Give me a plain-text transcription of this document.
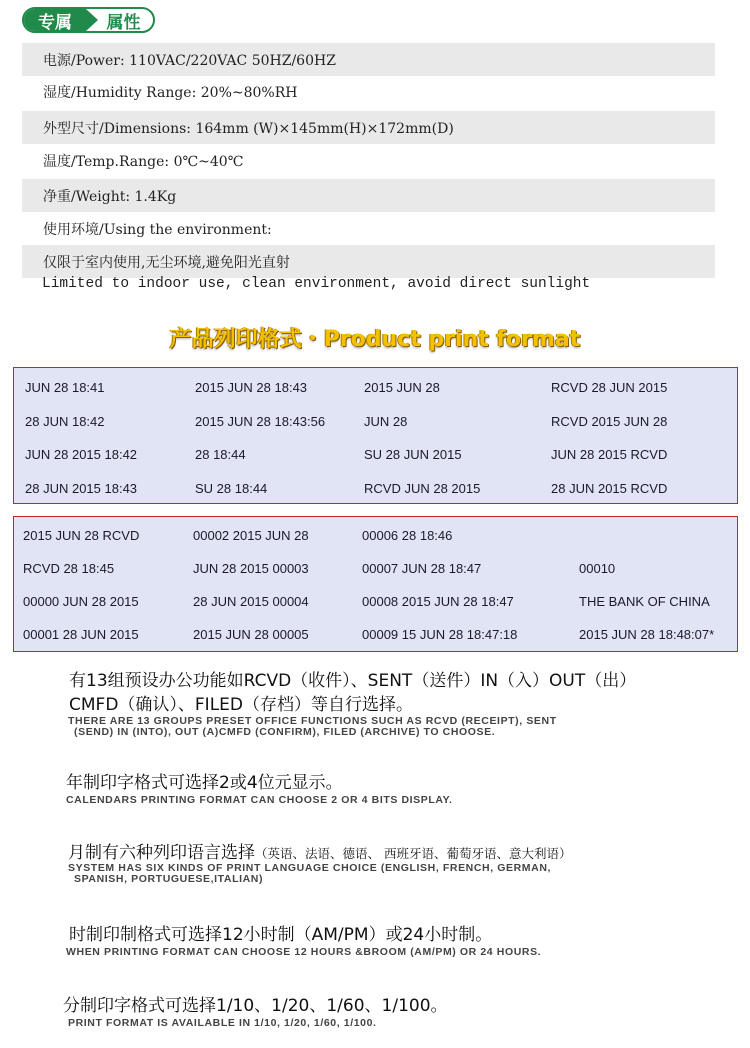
专属	属性
电源/Power: 110VAC/220VAC 50HZ/60HZ
湿度/Humidity Range: 20%~80%RH
外型尺寸/Dimensions: 164mm (W)×145mm(H)×172mm(D)
温度/Temp.Range: 0℃~40℃
净重/Weight: 1.4Kg
使用环境/Using the environment:
仅限于室内使用,无尘环境,避免阳光直射
Limited to indoor use, clean environment, avoid direct sunlight
产品列印格式・Product print format
JUN 28 18:41	2015 JUN 28 18:43	2015 JUN 28	RCVD 28 JUN 2015
28 JUN 18:42	2015 JUN 28 18:43:56	JUN 28	RCVD 2015 JUN 28
JUN 28 2015 18:42	28 18:44	SU 28 JUN 2015	JUN 28 2015 RCVD
28 JUN 2015 18:43	SU 28 18:44	RCVD JUN 28 2015	28 JUN 2015 RCVD
2015 JUN 28 RCVD	00002 2015 JUN 28	00006 28 18:46
RCVD 28 18:45	JUN 28 2015 00003	00007 JUN 28 18:47	00010
00000 JUN 28 2015	28 JUN 2015 00004	00008 2015 JUN 28 18:47	THE BANK OF CHINA
00001 28 JUN 2015	2015 JUN 28 00005	00009 15 JUN 28 18:47:18	2015 JUN 28 18:48:07*
有13组预设办公功能如RCVD（收件）、SENT（送件）IN（入）OUT（出）
CMFD（确认）、FILED（存档）等自行选择。
THERE ARE 13 GROUPS PRESET OFFICE FUNCTIONS SUCH AS RCVD (RECEIPT), SENT
(SEND) IN (INTO), OUT (A)CMFD (CONFIRM), FILED (ARCHIVE) TO CHOOSE.
年制印字格式可选择2或4位元显示。
CALENDARS PRINTING FORMAT CAN CHOOSE 2 OR 4 BITS DISPLAY.
月制有六种列印语言选择（英语、法语、德语、 西班牙语、葡萄牙语、意大利语）
SYSTEM HAS SIX KINDS OF PRINT LANGUAGE CHOICE (ENGLISH, FRENCH, GERMAN,
SPANISH, PORTUGUESE,ITALIAN)
时制印制格式可选择12小时制（AM/PM）或24小时制。
WHEN PRINTING FORMAT CAN CHOOSE 12 HOURS &BROOM (AM/PM) OR 24 HOURS.
分制印字格式可选择1/10、1/20、1/60、1/100。
PRINT FORMAT IS AVAILABLE IN 1/10, 1/20, 1/60, 1/100.
